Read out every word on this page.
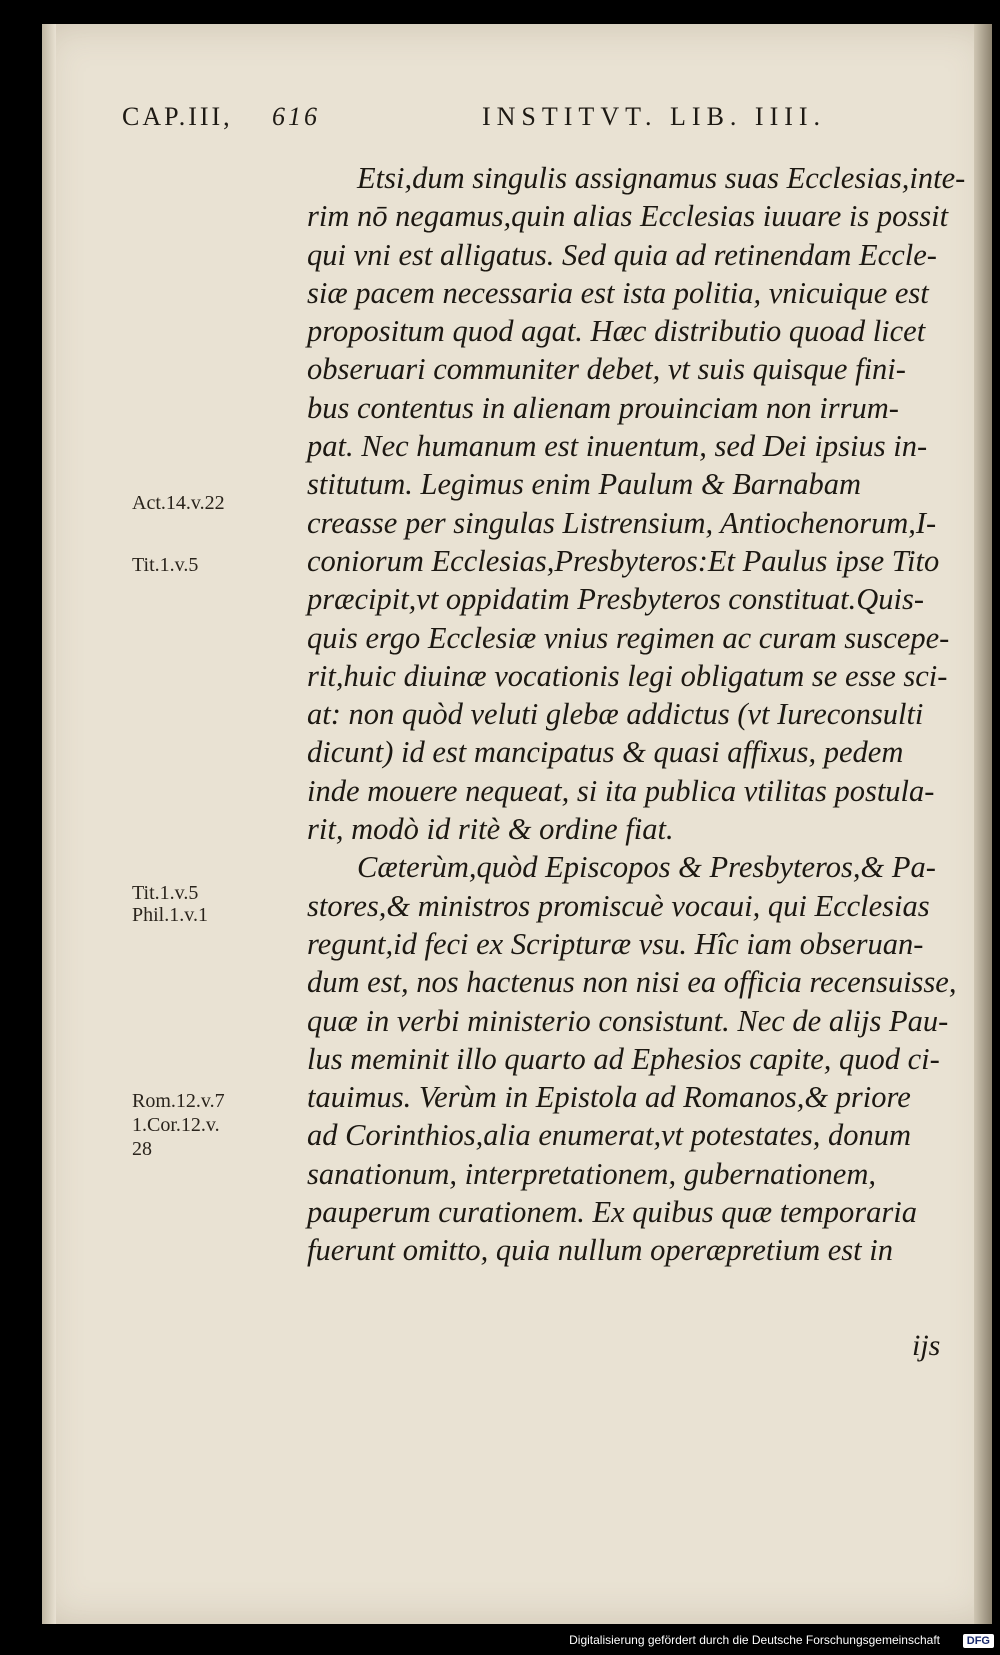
CAP.III, 616	INSTITVT. LIB. IIII.
Act.14.v.22
Tit.1.v.5
Tit.1.v.5
Phil.1.v.1
Rom.12.v.7
1.Cor.12.v.
28
Etsi,dum singulis assignamus suas Ecclesias,inte-
rim nō negamus,quin alias Ecclesias iuuare is possit
qui vni est alligatus. Sed quia ad retinendam Eccle-
siæ pacem necessaria est ista politia, vnicuique est
propositum quod agat. Hæc distributio quoad licet
obseruari communiter debet, vt suis quisque fini-
bus contentus in alienam prouinciam non irrum-
pat. Nec humanum est inuentum, sed Dei ipsius in-
stitutum. Legimus enim Paulum & Barnabam
creasse per singulas Listrensium, Antiochenorum,I-
coniorum Ecclesias,Presbyteros:Et Paulus ipse Tito
præcipit,vt oppidatim Presbyteros constituat.Quis-
quis ergo Ecclesiæ vnius regimen ac curam suscepe-
rit,huic diuinæ vocationis legi obligatum se esse sci-
at: non quòd veluti glebæ addictus (vt Iureconsulti
dicunt) id est mancipatus & quasi affixus, pedem
inde mouere nequeat, si ita publica vtilitas postula-
rit, modò id ritè & ordine fiat.
Cæterùm,quòd Episcopos & Presbyteros,& Pa-
stores,& ministros promiscuè vocaui, qui Ecclesias
regunt,id feci ex Scripturæ vsu. Hîc iam obseruan-
dum est, nos hactenus non nisi ea officia recensuisse,
quæ in verbi ministerio consistunt. Nec de alijs Pau-
lus meminit illo quarto ad Ephesios capite, quod ci-
tauimus. Verùm in Epistola ad Romanos,& priore
ad Corinthios,alia enumerat,vt potestates, donum
sanationum, interpretationem, gubernationem,
pauperum curationem. Ex quibus quæ temporaria
fuerunt omitto, quia nullum operæpretium est in
ijs
Digitalisierung gefördert durch die Deutsche Forschungsgemeinschaft	DFG
